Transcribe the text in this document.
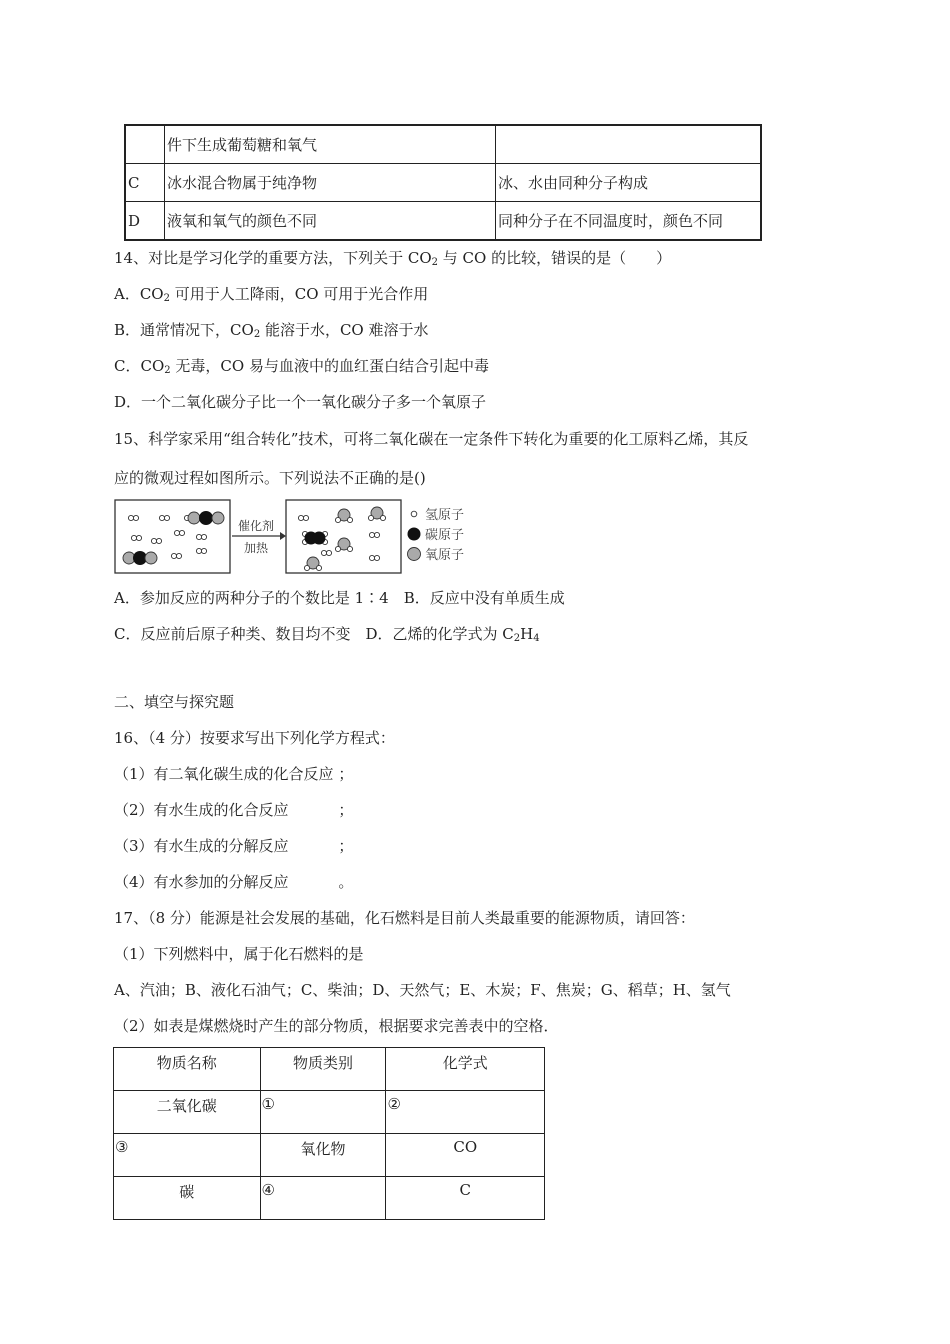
	件下生成葡萄糖和氧气	
C	冰水混合物属于纯净物	冰、水由同种分子构成
D	液氧和氧气的颜色不同	同种分子在不同温度时，颜色不同
14、对比是学习化学的重要方法，下列关于 $CO_2$ 与 CO 的比较，错误的是（　　）
A．$CO_2$ 可用于人工降雨，CO 可用于光合作用
B．通常情况下，$CO_2$ 能溶于水，CO 难溶于水
C．$CO_2$ 无毒，CO 易与血液中的血红蛋白结合引起中毒
D．一个二氧化碳分子比一个一氧化碳分子多一个氧原子
15、科学家采用“组合转化”技术，可将二氧化碳在一定条件下转化为重要的化工原料乙烯，其反
应的微观过程如图所示。下列说法不正确的是()
催化剂
加热
氢原子
碳原子
氧原子
A．参加反应的两种分子的个数比是 1∶4　B．反应中没有单质生成
C．反应前后原子种类、数目均不变　D．乙烯的化学式为 $C_2H_4$
二、填空与探究题
16、（4 分）按要求写出下列化学方程式：
（1）有二氧化碳生成的化合反应 ；
（2）有水生成的化合反应　　　 ；
（3）有水生成的分解反应　　　 ；
（4）有水参加的分解反应　　　 。
17、（8 分）能源是社会发展的基础，化石燃料是目前人类最重要的能源物质，请回答：
（1）下列燃料中，属于化石燃料的是
A、汽油；B、液化石油气；C、柴油；D、天然气；E、木炭；F、焦炭；G、稻草；H、氢气
（2）如表是煤燃烧时产生的部分物质，根据要求完善表中的空格．
物质名称	物质类别	化学式
二氧化碳	①	②
③	氧化物	CO
碳	④	C
